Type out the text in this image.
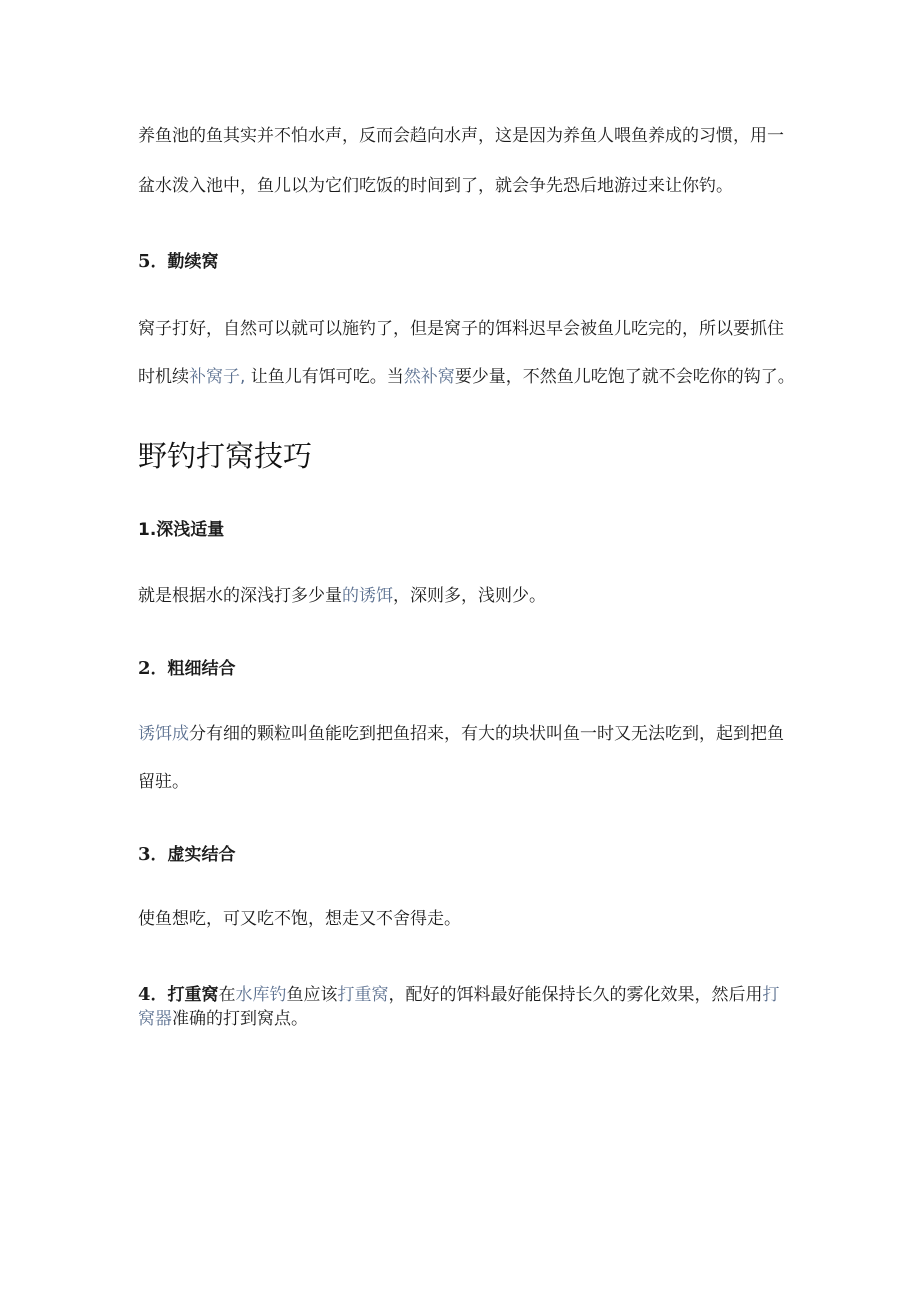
养鱼池的鱼其实并不怕水声，反而会趋向水声，这是因为养鱼人喂鱼养成的习惯，用一
盆水泼入池中，鱼儿以为它们吃饭的时间到了，就会争先恐后地游过来让你钓。
5．勤续窝
窝子打好，自然可以就可以施钓了，但是窝子的饵料迟早会被鱼儿吃完的，所以要抓住
时机续补窝子, 让鱼儿有饵可吃。当然补窝要少量，不然鱼儿吃饱了就不会吃你的钩了。
野钓打窝技巧
1.深浅适量
就是根据水的深浅打多少量的诱饵，深则多，浅则少。
2．粗细结合
诱饵成分有细的颗粒叫鱼能吃到把鱼招来，有大的块状叫鱼一时又无法吃到，起到把鱼
留驻。
3．虚实结合
使鱼想吃，可又吃不饱，想走又不舍得走。
4．打重窝在水库钓鱼应该打重窝，配好的饵料最好能保持长久的雾化效果，然后用打
窝器准确的打到窝点。
